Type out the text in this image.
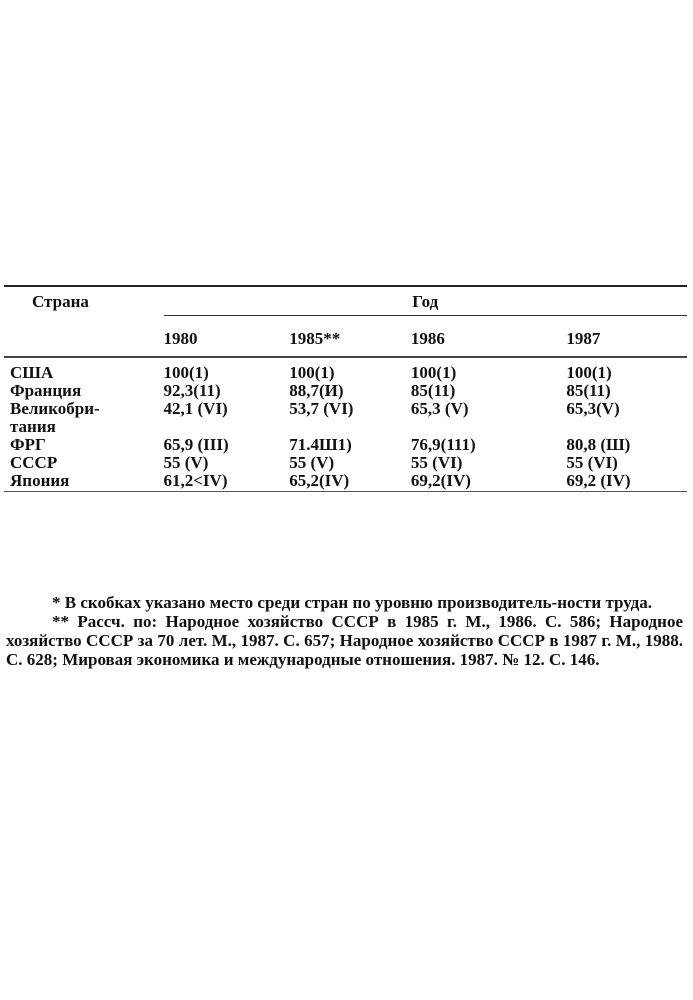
Страна	Год			
	1980	1985**	1986	1987

США	100(1)	100(1)	100(1)	100(1)
Франция	92,3(11)	88,7(И)	85(11)	85(11)
Великобри-
тания	42,1 (VI)	53,7 (VI)	65,3 (V)	65,3(V)
ФРГ	65,9 (III)	71.4Ш1)	76,9(111)	80,8 (Ш)
СССР	55 (V)	55 (V)	55 (VI)	55 (VI)
Япония	61,2<IV)	65,2(IV)	69,2(IV)	69,2 (IV)

* В скобках указано место среди стран по уровню производитель-ности труда.

** Рассч. по: Народное хозяйство СССР в 1985 г. М., 1986. С. 586; Народное хозяйство СССР за 70 лет. М., 1987. С. 657; Народное хозяйство СССР в 1987 г. М., 1988. С. 628; Мировая экономика и международные отношения. 1987. № 12. С. 146.
